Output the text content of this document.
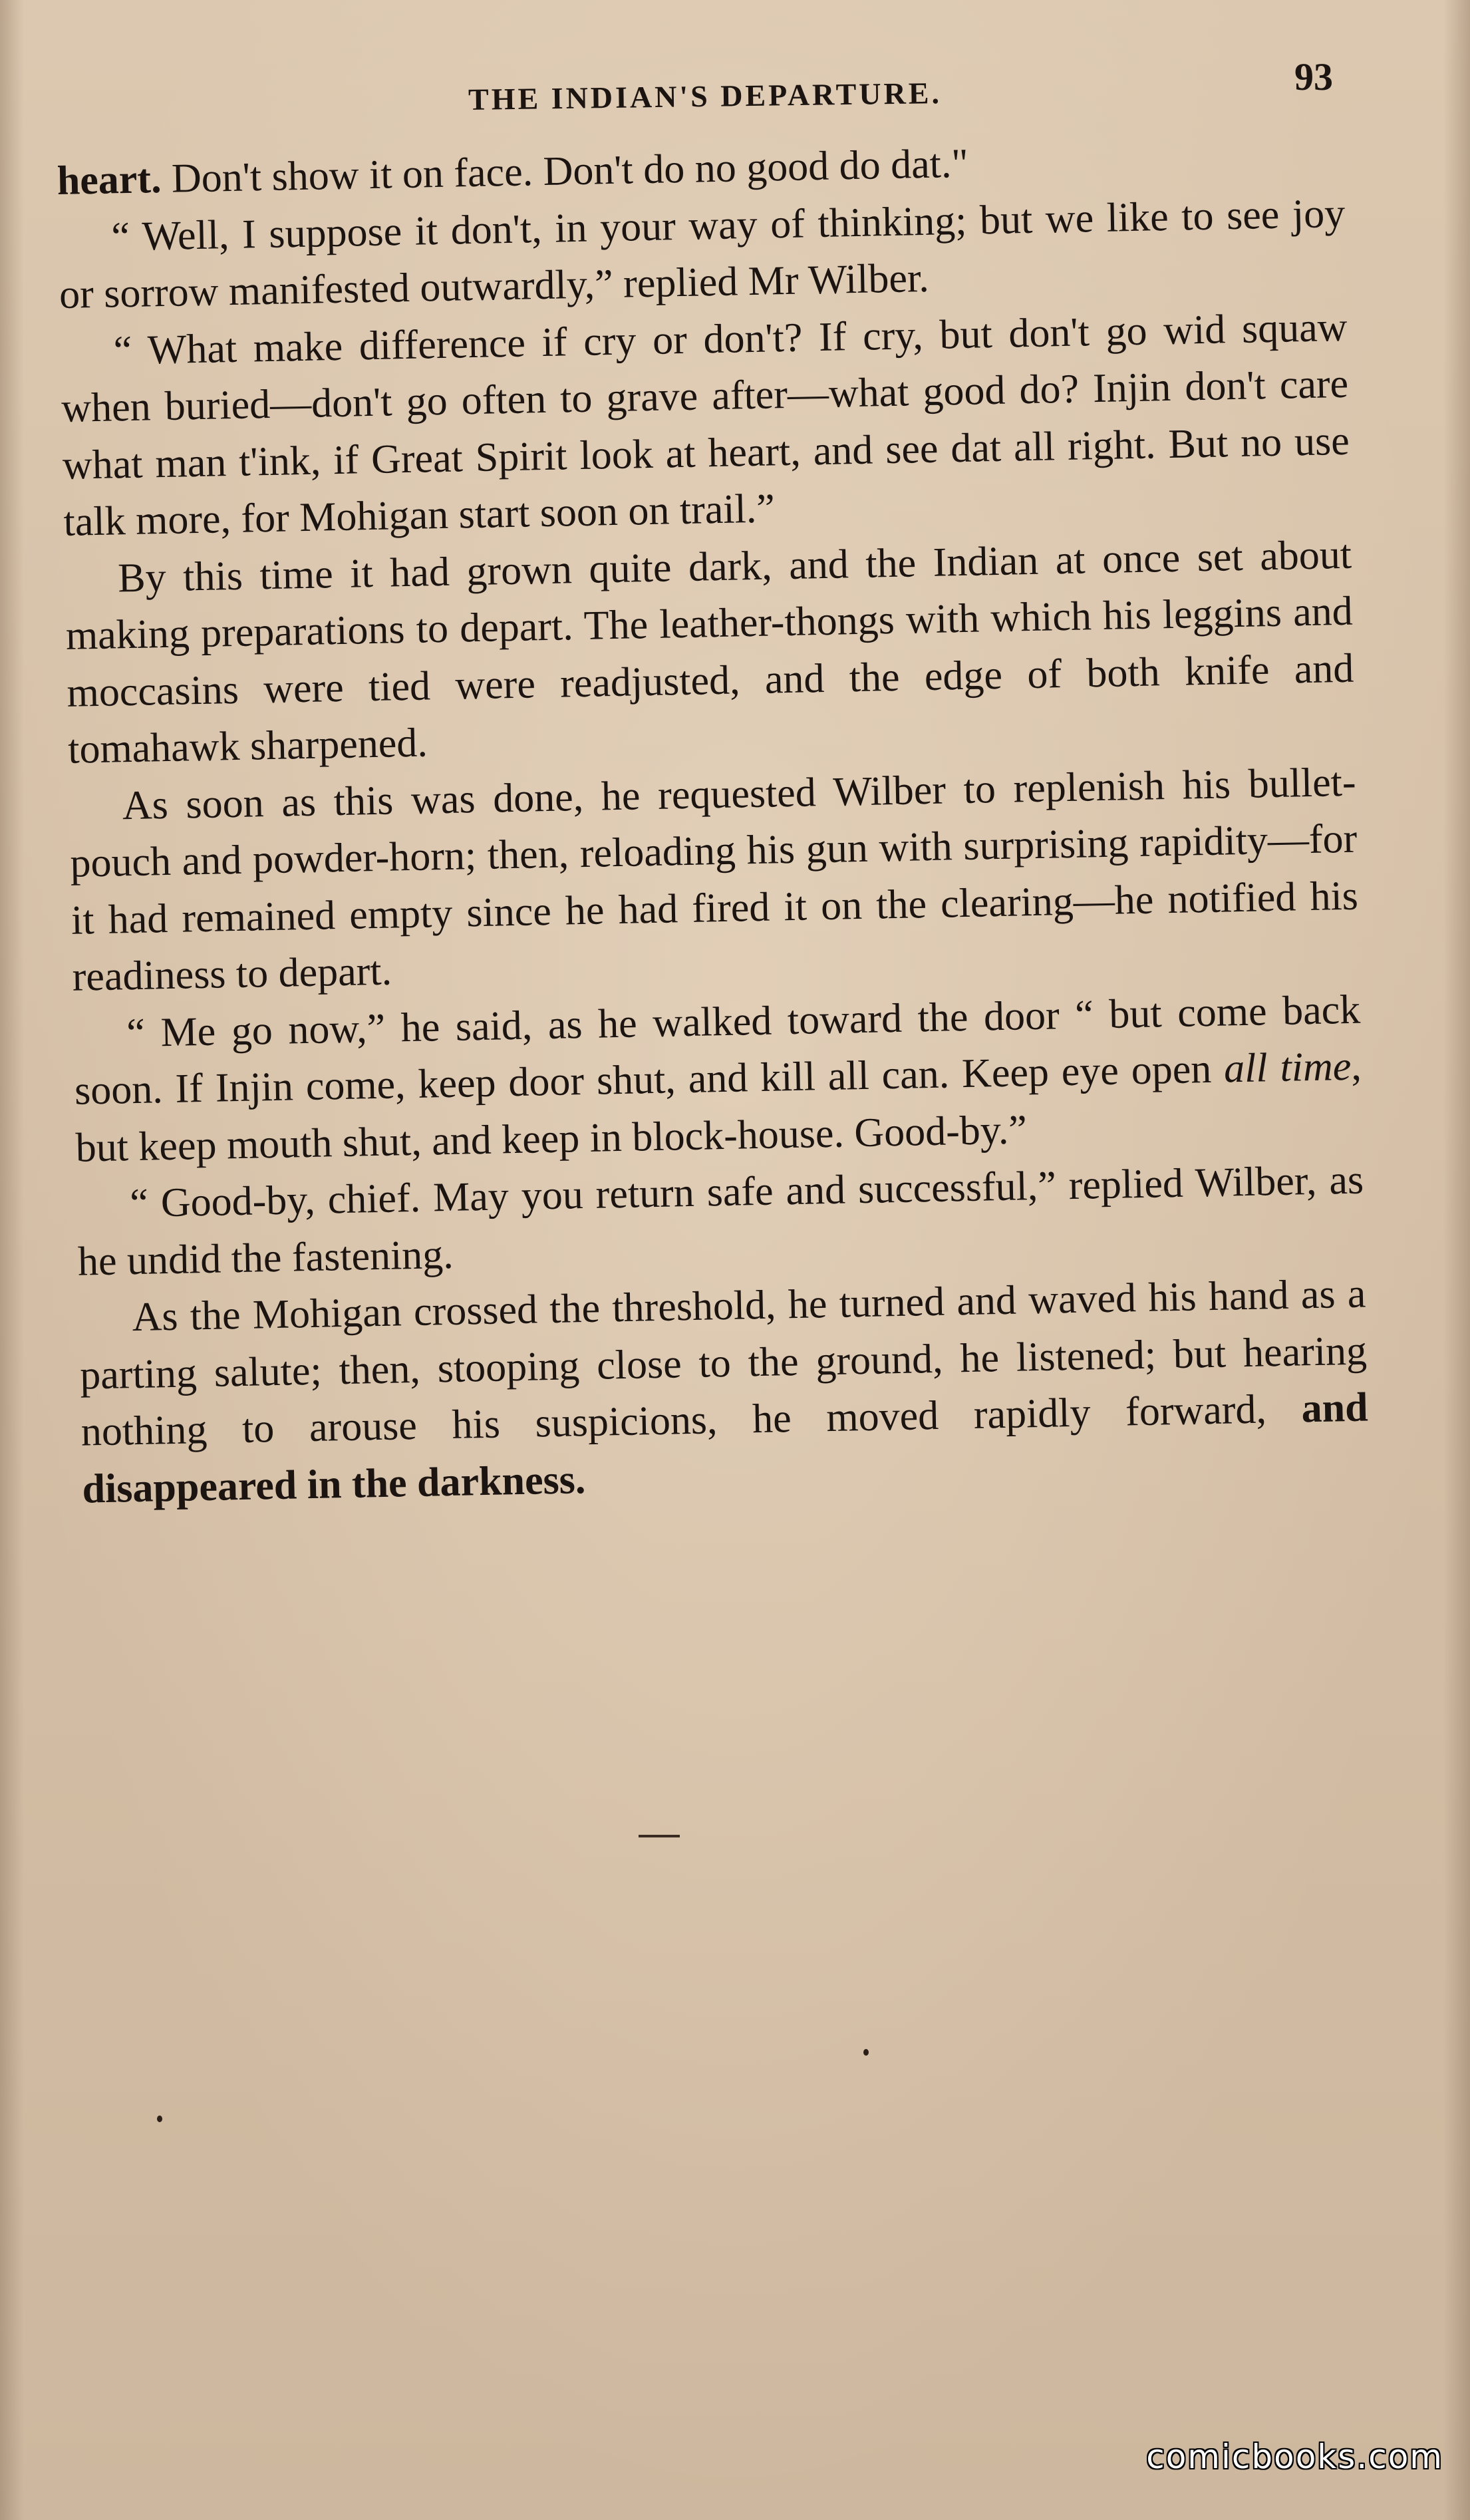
THE INDIAN'S DEPARTURE.	93

heart. Don't show it on face. Don't do no good do dat."

“ Well, I suppose it don't, in your way of thinking; but we like to see joy or sorrow manifested outwardly,” replied Mr Wilber.

“ What make difference if cry or don't? If cry, but don't go wid squaw when buried—don't go often to grave after—what good do? Injin don't care what man t'ink, if Great Spirit look at heart, and see dat all right. But no use talk more, for Mohigan start soon on trail.”

By this time it had grown quite dark, and the Indian at once set about making preparations to depart. The leather-thongs with which his leggins and moccasins were tied were readjusted, and the edge of both knife and tomahawk sharpened.

As soon as this was done, he requested Wilber to replenish his bullet-pouch and powder-horn; then, reloading his gun with surprising rapidity—for it had remained empty since he had fired it on the clearing—he notified his readiness to depart.

“ Me go now,” he said, as he walked toward the door “ but come back soon. If Injin come, keep door shut, and kill all can. Keep eye open all time, but keep mouth shut, and keep in block-house. Good-by.”

“ Good-by, chief. May you return safe and successful,” replied Wilber, as he undid the fastening.

As the Mohigan crossed the threshold, he turned and waved his hand as a parting salute; then, stooping close to the ground, he listened; but hearing nothing to arouse his suspicions, he moved rapidly forward, and disappeared in the darkness.

comicbooks.com
